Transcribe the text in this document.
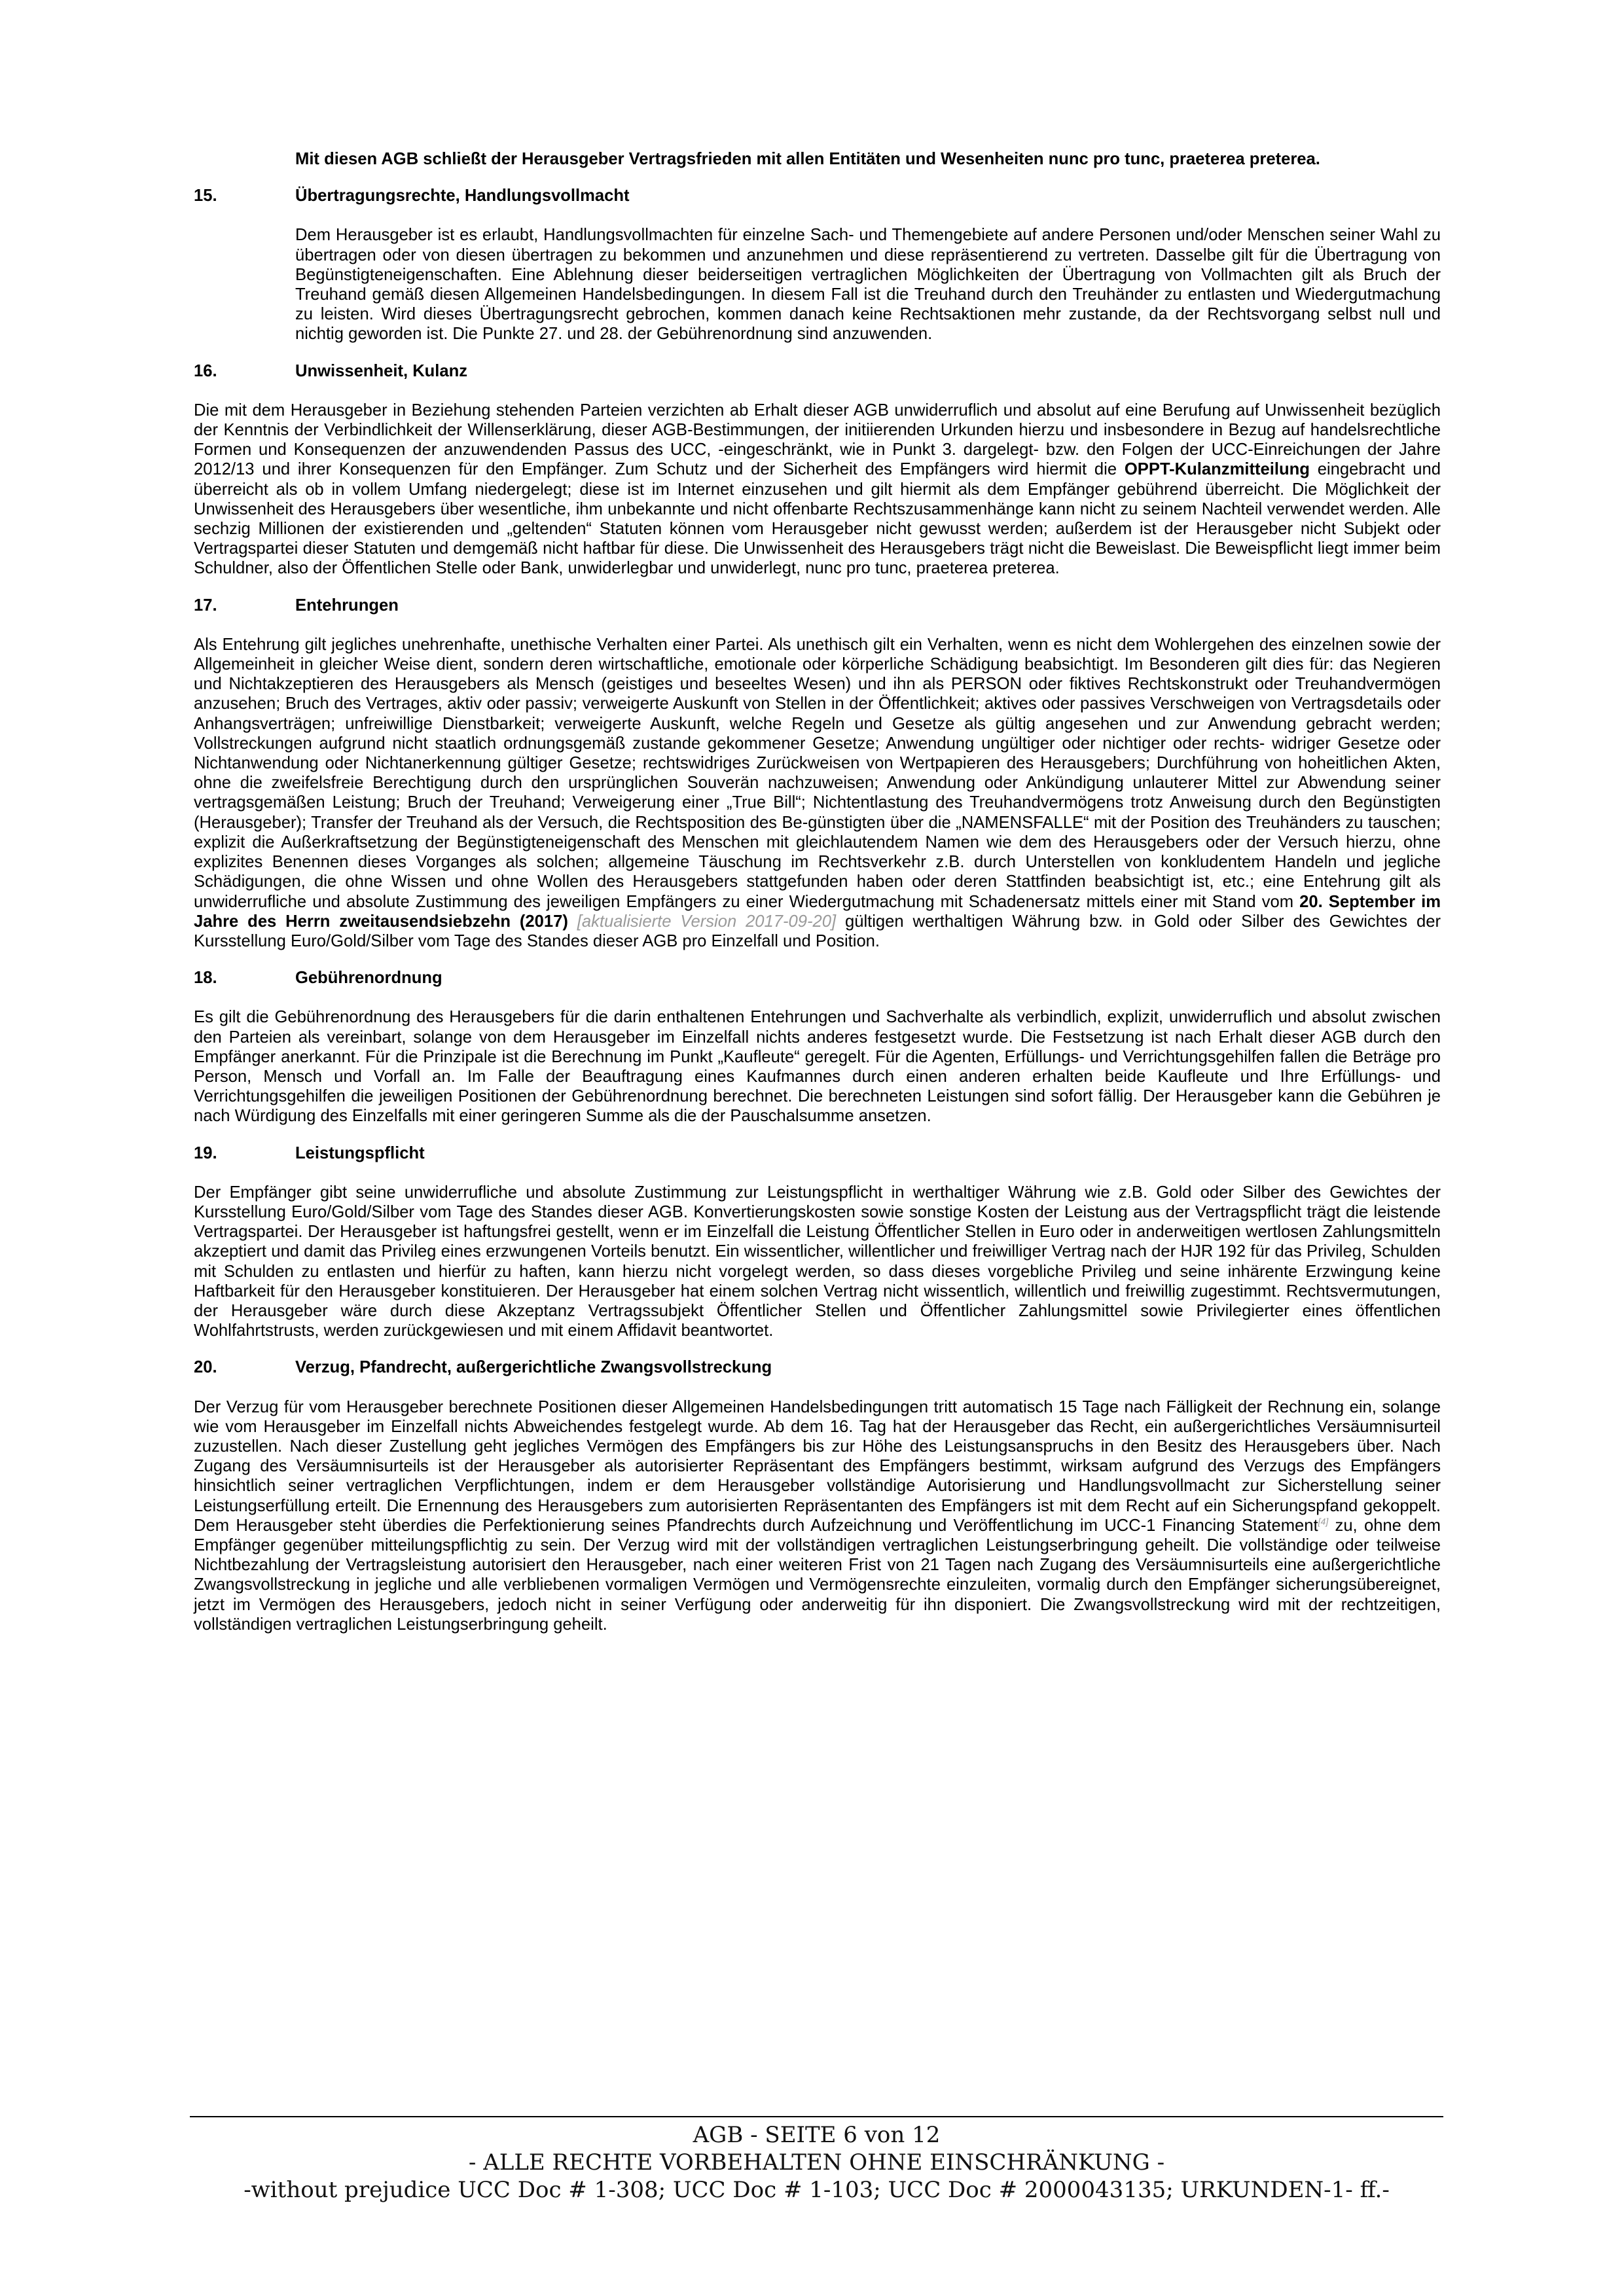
Mit diesen AGB schließt der Herausgeber Vertragsfrieden mit allen Entitäten und Wesenheiten nunc pro tunc, praeterea preterea.

15.	Übertragungsrechte, Handlungsvollmacht

Dem Herausgeber ist es erlaubt, Handlungsvollmachten für einzelne Sach- und Themengebiete auf andere Personen und/oder Menschen seiner Wahl zu übertragen oder von diesen übertragen zu bekommen und anzunehmen und diese repräsentierend zu vertreten. Dasselbe gilt für die Übertragung von Begünstigteneigenschaften. Eine Ablehnung dieser beiderseitigen vertraglichen Möglichkeiten der Übertragung von Vollmachten gilt als Bruch der Treuhand gemäß diesen Allgemeinen Handelsbedingungen. In diesem Fall ist die Treuhand durch den Treuhänder zu entlasten und Wiedergutmachung zu leisten. Wird dieses Übertragungsrecht gebrochen, kommen danach keine Rechtsaktionen mehr zustande, da der Rechtsvorgang selbst null und nichtig geworden ist. Die Punkte 27. und 28. der Gebührenordnung sind anzuwenden.

16.	Unwissenheit, Kulanz

Die mit dem Herausgeber in Beziehung stehenden Parteien verzichten ab Erhalt dieser AGB unwiderruflich und absolut auf eine Berufung auf Unwissenheit bezüglich der Kenntnis der Verbindlichkeit der Willenserklärung, dieser AGB-Bestimmungen, der initiierenden Urkunden hierzu und insbesondere in Bezug auf handelsrechtliche Formen und Konsequenzen der anzuwendenden Passus des UCC, -eingeschränkt, wie in Punkt 3. dargelegt- bzw. den Folgen der UCC-Einreichungen der Jahre 2012/13 und ihrer Konsequenzen für den Empfänger. Zum Schutz und der Sicherheit des Empfängers wird hiermit die OPPT-Kulanzmitteilung eingebracht und überreicht als ob in vollem Umfang niedergelegt; diese ist im Internet einzusehen und gilt hiermit als dem Empfänger gebührend überreicht. Die Möglichkeit der Unwissenheit des Herausgebers über wesentliche, ihm unbekannte und nicht offenbarte Rechtszusammenhänge kann nicht zu seinem Nachteil verwendet werden. Alle sechzig Millionen der existierenden und „geltenden“ Statuten können vom Herausgeber nicht gewusst werden; außerdem ist der Herausgeber nicht Subjekt oder Vertragspartei dieser Statuten und demgemäß nicht haftbar für diese. Die Unwissenheit des Herausgebers trägt nicht die Beweislast. Die Beweispflicht liegt immer beim Schuldner, also der Öffentlichen Stelle oder Bank, unwiderlegbar und unwiderlegt, nunc pro tunc, praeterea preterea.

17.	Entehrungen

Als Entehrung gilt jegliches unehrenhafte, unethische Verhalten einer Partei. Als unethisch gilt ein Verhalten, wenn es nicht dem Wohlergehen des einzelnen sowie der Allgemeinheit in gleicher Weise dient, sondern deren wirtschaftliche, emotionale oder körperliche Schädigung beabsichtigt. Im Besonderen gilt dies für: das Negieren und Nichtakzeptieren des Herausgebers als Mensch (geistiges und beseeltes Wesen) und ihn als PERSON oder fiktives Rechtskonstrukt oder Treuhandvermögen anzusehen; Bruch des Vertrages, aktiv oder passiv; verweigerte Auskunft von Stellen in der Öffentlichkeit; aktives oder passives Verschweigen von Vertragsdetails oder Anhangsverträgen; unfreiwillige Dienstbarkeit; verweigerte Auskunft, welche Regeln und Gesetze als gültig angesehen und zur Anwendung gebracht werden; Vollstreckungen aufgrund nicht staatlich ordnungsgemäß zustande gekommener Gesetze; Anwendung ungültiger oder nichtiger oder rechts- widriger Gesetze oder Nichtanwendung oder Nichtanerkennung gültiger Gesetze; rechtswidriges Zurückweisen von Wertpapieren des Herausgebers; Durchführung von hoheitlichen Akten, ohne die zweifelsfreie Berechtigung durch den ursprünglichen Souverän nachzuweisen; Anwendung oder Ankündigung unlauterer Mittel zur Abwendung seiner vertragsgemäßen Leistung; Bruch der Treuhand; Verweigerung einer „True Bill“; Nichtentlastung des Treuhandvermögens trotz Anweisung durch den Begünstigten (Herausgeber); Transfer der Treuhand als der Versuch, die Rechtsposition des Be-günstigten über die „NAMENSFALLE“ mit der Position des Treuhänders zu tauschen; explizit die Außerkraftsetzung der Begünstigteneigenschaft des Menschen mit gleichlautendem Namen wie dem des Herausgebers oder der Versuch hierzu, ohne explizites Benennen dieses Vorganges als solchen; allgemeine Täuschung im Rechtsverkehr z.B. durch Unterstellen von konkludentem Handeln und jegliche Schädigungen, die ohne Wissen und ohne Wollen des Herausgebers stattgefunden haben oder deren Stattfinden beabsichtigt ist, etc.; eine Entehrung gilt als unwiderrufliche und absolute Zustimmung des jeweiligen Empfängers zu einer Wiedergutmachung mit Schadenersatz mittels einer mit Stand vom 20. September im Jahre des Herrn zweitausendsiebzehn (2017) [aktualisierte Version 2017-09-20] gültigen werthaltigen Währung bzw. in Gold oder Silber des Gewichtes der Kursstellung Euro/Gold/Silber vom Tage des Standes dieser AGB pro Einzelfall und Position.

18.	Gebührenordnung

Es gilt die Gebührenordnung des Herausgebers für die darin enthaltenen Entehrungen und Sachverhalte als verbindlich, explizit, unwiderruflich und absolut zwischen den Parteien als vereinbart, solange von dem Herausgeber im Einzelfall nichts anderes festgesetzt wurde. Die Festsetzung ist nach Erhalt dieser AGB durch den Empfänger anerkannt. Für die Prinzipale ist die Berechnung im Punkt „Kaufleute“ geregelt. Für die Agenten, Erfüllungs- und Verrichtungsgehilfen fallen die Beträge pro Person, Mensch und Vorfall an. Im Falle der Beauftragung eines Kaufmannes durch einen anderen erhalten beide Kaufleute und Ihre Erfüllungs- und Verrichtungsgehilfen die jeweiligen Positionen der Gebührenordnung berechnet. Die berechneten Leistungen sind sofort fällig. Der Herausgeber kann die Gebühren je nach Würdigung des Einzelfalls mit einer geringeren Summe als die der Pauschalsumme ansetzen.

19.	Leistungspflicht

Der Empfänger gibt seine unwiderrufliche und absolute Zustimmung zur Leistungspflicht in werthaltiger Währung wie z.B. Gold oder Silber des Gewichtes der Kursstellung Euro/Gold/Silber vom Tage des Standes dieser AGB. Konvertierungskosten sowie sonstige Kosten der Leistung aus der Vertragspflicht trägt die leistende Vertragspartei. Der Herausgeber ist haftungsfrei gestellt, wenn er im Einzelfall die Leistung Öffentlicher Stellen in Euro oder in anderweitigen wertlosen Zahlungsmitteln akzeptiert und damit das Privileg eines erzwungenen Vorteils benutzt. Ein wissentlicher, willentlicher und freiwilliger Vertrag nach der HJR 192 für das Privileg, Schulden mit Schulden zu entlasten und hierfür zu haften, kann hierzu nicht vorgelegt werden, so dass dieses vorgebliche Privileg und seine inhärente Erzwingung keine Haftbarkeit für den Herausgeber konstituieren. Der Herausgeber hat einem solchen Vertrag nicht wissentlich, willentlich und freiwillig zugestimmt. Rechtsvermutungen, der Herausgeber wäre durch diese Akzeptanz Vertragssubjekt Öffentlicher Stellen und Öffentlicher Zahlungsmittel sowie Privilegierter eines öffentlichen Wohlfahrtstrusts, werden zurückgewiesen und mit einem Affidavit beantwortet.

20.	Verzug, Pfandrecht, außergerichtliche Zwangsvollstreckung

Der Verzug für vom Herausgeber berechnete Positionen dieser Allgemeinen Handelsbedingungen tritt automatisch 15 Tage nach Fälligkeit der Rechnung ein, solange wie vom Herausgeber im Einzelfall nichts Abweichendes festgelegt wurde. Ab dem 16. Tag hat der Herausgeber das Recht, ein außergerichtliches Versäumnisurteil zuzustellen. Nach dieser Zustellung geht jegliches Vermögen des Empfängers bis zur Höhe des Leistungsanspruchs in den Besitz des Herausgebers über. Nach Zugang des Versäumnisurteils ist der Herausgeber als autorisierter Repräsentant des Empfängers bestimmt, wirksam aufgrund des Verzugs des Empfängers hinsichtlich seiner vertraglichen Verpflichtungen, indem er dem Herausgeber vollständige Autorisierung und Handlungsvollmacht zur Sicherstellung seiner Leistungserfüllung erteilt. Die Ernennung des Herausgebers zum autorisierten Repräsentanten des Empfängers ist mit dem Recht auf ein Sicherungspfand gekoppelt. Dem Herausgeber steht überdies die Perfektionierung seines Pfandrechts durch Aufzeichnung und Veröffentlichung im UCC-1 Financing Statement[4] zu, ohne dem Empfänger gegenüber mitteilungspflichtig zu sein. Der Verzug wird mit der vollständigen vertraglichen Leistungserbringung geheilt. Die vollständige oder teilweise Nichtbezahlung der Vertragsleistung autorisiert den Herausgeber, nach einer weiteren Frist von 21 Tagen nach Zugang des Versäumnisurteils eine außergerichtliche Zwangsvollstreckung in jegliche und alle verbliebenen vormaligen Vermögen und Vermögensrechte einzuleiten, vormalig durch den Empfänger sicherungsübereignet, jetzt im Vermögen des Herausgebers, jedoch nicht in seiner Verfügung oder anderweitig für ihn disponiert. Die Zwangsvollstreckung wird mit der rechtzeitigen, vollständigen vertraglichen Leistungserbringung geheilt.

AGB - SEITE 6 von 12
- ALLE RECHTE VORBEHALTEN OHNE EINSCHRÄNKUNG -
-without prejudice UCC Doc # 1-308; UCC Doc # 1-103; UCC Doc # 2000043135; URKUNDEN-1- ff.-
